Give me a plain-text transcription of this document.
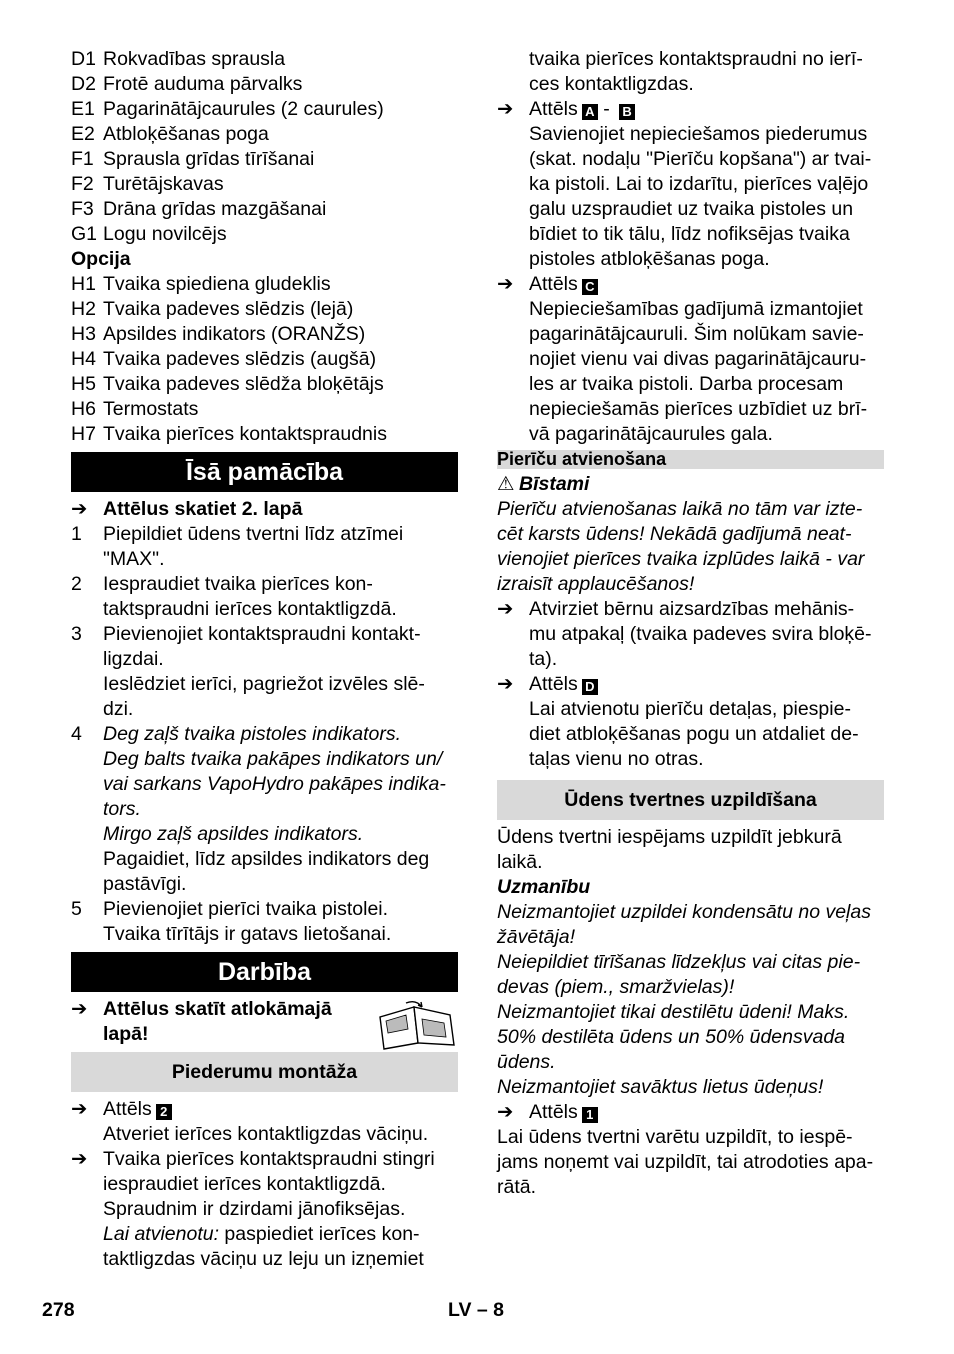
D1 Rokvadības sprausla
D2 Frotē auduma pārvalks
E1 Pagarinātājcaurules (2 caurules)
E2 Atbloķēšanas poga
F1 Sprausla grīdas tīrīšanai
F2 Turētājskavas
F3 Drāna grīdas mazgāšanai
G1 Logu novilcējs
Opcija
H1 Tvaika spiediena gludeklis
H2 Tvaika padeves slēdzis (lejā)
H3 Apsildes indikators (ORANŽS)
H4 Tvaika padeves slēdzis (augšā)
H5 Tvaika padeves slēdža bloķētājs
H6 Termostats
H7 Tvaika pierīces kontaktspraudnis
Īsā pamācība
➔ Attēlus skatiet 2. lapā
1 Piepildiet ūdens tvertni līdz atzīmei
"MAX".
2 Iespraudiet tvaika pierīces kon-
taktspraudni ierīces kontaktligzdā.
3 Pievienojiet kontaktspraudni kontakt-
ligzdai.
Ieslēdziet ierīci, pagriežot izvēles slē-
dzi.
4 Deg zaļš tvaika pistoles indikators.
Deg balts tvaika pakāpes indikators un/
vai sarkans VapoHydro pakāpes indika-
tors.
Mirgo zaļš apsildes indikators.
Pagaidiet, līdz apsildes indikators deg
pastāvīgi.
5 Pievienojiet pierīci tvaika pistolei.
Tvaika tīrītājs ir gatavs lietošanai.
Darbība
➔ Attēlus skatīt atlokāmajā
lapā!
Piederumu montāža
➔ Attēls 2
Atveriet ierīces kontaktligzdas vāciņu.
➔ Tvaika pierīces kontaktspraudni stingri
iespraudiet ierīces kontaktligzdā.
Spraudnim ir dzirdami jānofiksējas.
Lai atvienotu: paspiediet ierīces kon-
taktligzdas vāciņu uz leju un izņemiet
tvaika pierīces kontaktspraudni no ierī-
ces kontaktligzdas.
➔ Attēls A - B
Savienojiet nepieciešamos piederumus
(skat. nodaļu "Pierīču kopšana") ar tvai-
ka pistoli. Lai to izdarītu, pierīces vaļējo
galu uzspraudiet uz tvaika pistoles un
bīdiet to tik tālu, līdz nofiksējas tvaika
pistoles atbloķēšanas poga.
➔ Attēls C
Nepieciešamības gadījumā izmantojiet
pagarinātājcauruli. Šim nolūkam savie-
nojiet vienu vai divas pagarinātājcauru-
les ar tvaika pistoli. Darba procesam
nepieciešamās pierīces uzbīdiet uz brī-
vā pagarinātājcaurules gala.
Pierīču atvienošana
⚠ Bīstami
Pierīču atvienošanas laikā no tām var izte-
cēt karsts ūdens! Nekādā gadījumā neat-
vienojiet pierīces tvaika izplūdes laikā - var
izraisīt applaucēšanos!
➔ Atvirziet bērnu aizsardzības mehānis-
mu atpakaļ (tvaika padeves svira bloķē-
ta).
➔ Attēls D
Lai atvienotu pierīču detaļas, piespie-
diet atbloķēšanas pogu un atdaliet de-
taļas vienu no otras.
Ūdens tvertnes uzpildīšana
Ūdens tvertni iespējams uzpildīt jebkurā
laikā.
Uzmanību
Neizmantojiet uzpildei kondensātu no veļas
žāvētāja!
Neiepildiet tīrīšanas līdzekļus vai citas pie-
devas (piem., smaržvielas)!
Neizmantojiet tikai destilētu ūdeni! Maks.
50% destilēta ūdens un 50% ūdensvada
ūdens.
Neizmantojiet savāktus lietus ūdeņus!
➔ Attēls 1
Lai ūdens tvertni varētu uzpildīt, to iespē-
jams noņemt vai uzpildīt, tai atrodoties apa-
rātā.
278	LV – 8
